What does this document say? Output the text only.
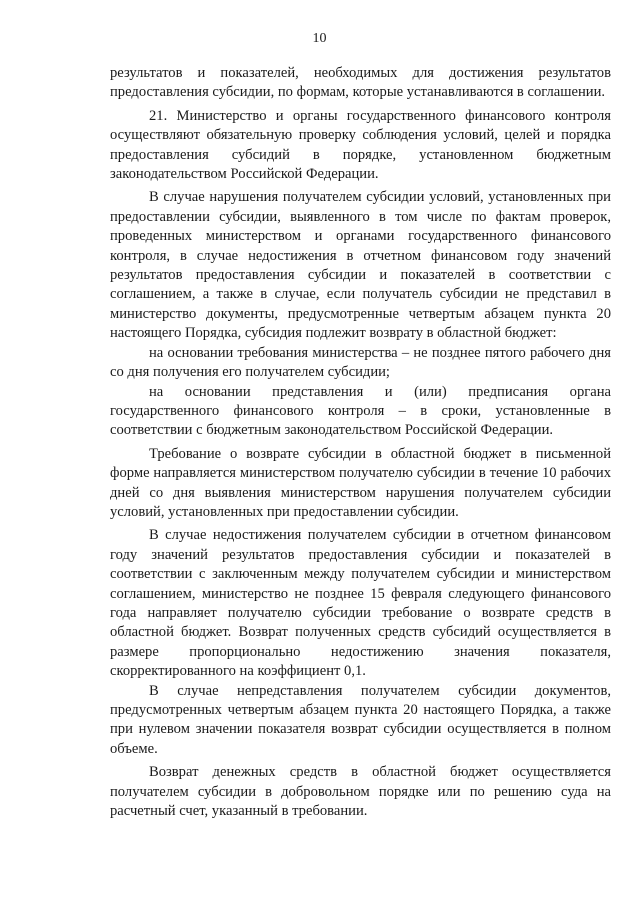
10

результатов и показателей, необходимых для достижения результатов предоставления субсидии, по формам, которые устанавливаются в соглашении.

21. Министерство и органы государственного финансового контроля осуществляют обязательную проверку соблюдения условий, целей и порядка предоставления субсидий в порядке, установленном бюджетным законодательством Российской Федерации.

В случае нарушения получателем субсидии условий, установленных при предоставлении субсидии, выявленного в том числе по фактам проверок, проведенных министерством и органами государственного финансового контроля, в случае недостижения в отчетном финансовом году значений результатов предоставления субсидии и показателей в соответствии с соглашением, а также в случае, если получатель субсидии не представил в министерство документы, предусмотренные четвертым абзацем пункта 20 настоящего Порядка, субсидия подлежит возврату в областной бюджет:

на основании требования министерства – не позднее пятого рабочего дня со дня получения его получателем субсидии;

на основании представления и (или) предписания органа государственного финансового контроля – в сроки, установленные в соответствии с бюджетным законодательством Российской Федерации.

Требование о возврате субсидии в областной бюджет в письменной форме направляется министерством получателю субсидии в течение 10 рабочих дней со дня выявления министерством нарушения получателем субсидии условий, установленных при предоставлении субсидии.

В случае недостижения получателем субсидии в отчетном финансовом году значений результатов предоставления субсидии и показателей в соответствии с заключенным между получателем субсидии и министерством соглашением, министерство не позднее 15 февраля следующего финансового года направляет получателю субсидии требование о возврате средств в областной бюджет. Возврат полученных средств субсидий осуществляется в размере пропорционально недостижению значения показателя, скорректированного на коэффициент 0,1.

В случае непредставления получателем субсидии документов, предусмотренных четвертым абзацем пункта 20 настоящего Порядка, а также при нулевом значении показателя возврат субсидии осуществляется в полном объеме.

Возврат денежных средств в областной бюджет осуществляется получателем субсидии в добровольном порядке или по решению суда на расчетный счет, указанный в требовании.
